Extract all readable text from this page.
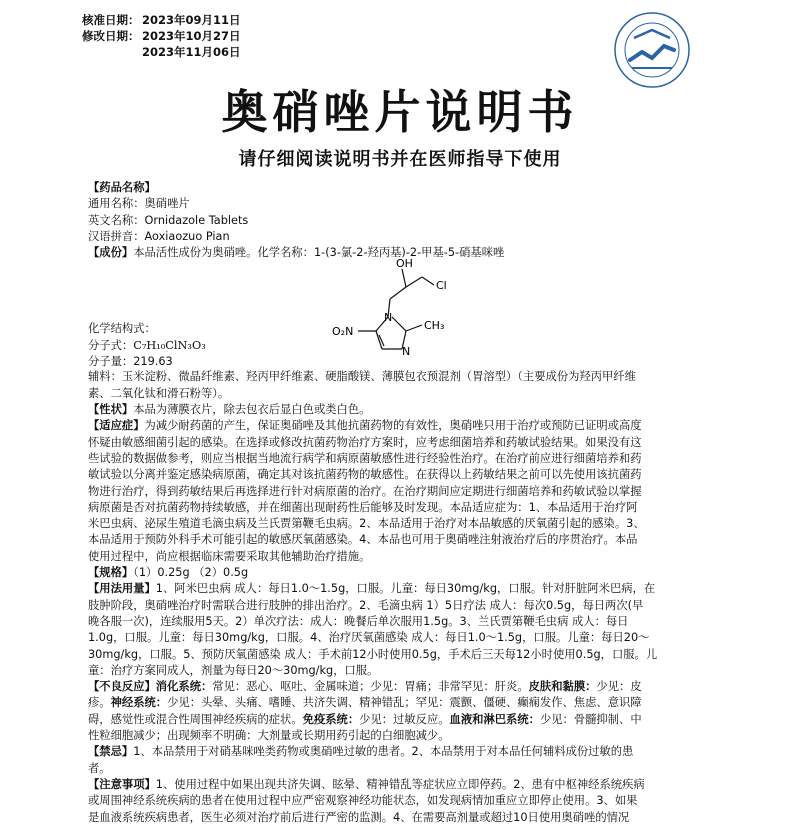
核准日期： 2023年09月11日
修改日期： 2023年10月27日
2023年11月06日
奥硝唑片说明书
请仔细阅读说明书并在医师指导下使用
【药品名称】
通用名称：奥硝唑片
英文名称：Ornidazole Tablets
汉语拼音：Aoxiaozuo Pian
【成份】本品活性成份为奥硝唑。化学名称：1-(3-氯-2-羟丙基)-2-甲基-5-硝基咪唑
OH
Cl
O₂N	CH₃
N
N
化学结构式：
分子式：C₇H₁₀ClN₃O₃
分子量：219.63
辅料：玉米淀粉、微晶纤维素、羟丙甲纤维素、硬脂酸镁、薄膜包衣预混剂（胃溶型）（主要成份为羟丙甲纤维
素、二氧化钛和滑石粉等）。
【性状】本品为薄膜衣片，除去包衣后显白色或类白色。
【适应症】为减少耐药菌的产生，保证奥硝唑及其他抗菌药物的有效性，奥硝唑只用于治疗或预防已证明或高度
怀疑由敏感细菌引起的感染。在选择或修改抗菌药物治疗方案时，应考虑细菌培养和药敏试验结果。如果没有这
些试验的数据做参考，则应当根据当地流行病学和病原菌敏感性进行经验性治疗。在治疗前应进行细菌培养和药
敏试验以分离并鉴定感染病原菌，确定其对该抗菌药物的敏感性。在获得以上药敏结果之前可以先使用该抗菌药
物进行治疗，得到药敏结果后再选择进行针对病原菌的治疗。在治疗期间应定期进行细菌培养和药敏试验以掌握
病原菌是否对抗菌药物持续敏感，并在细菌出现耐药性后能够及时发现。本品适应症为：1、本品适用于治疗阿
米巴虫病、泌尿生殖道毛滴虫病及兰氏贾第鞭毛虫病。2、本品适用于治疗对本品敏感的厌氧菌引起的感染。3、
本品适用于预防外科手术可能引起的敏感厌氧菌感染。4、本品也可用于奥硝唑注射液治疗后的序贯治疗。本品
使用过程中，尚应根据临床需要采取其他辅助治疗措施。
【规格】（1）0.25g （2）0.5g
【用法用量】1、阿米巴虫病 成人：每日1.0～1.5g，口服。儿童：每日30mg/kg，口服。针对肝脏阿米巴病，在
肢肿阶段，奥硝唑治疗时需联合进行肢肿的排出治疗。2、毛滴虫病 1）5日疗法 成人：每次0.5g，每日两次(早
晚各服一次)，连续服用5天。2）单次疗法：成人：晚餐后单次服用1.5g。3、兰氏贾第鞭毛虫病 成人：每日
1.0g，口服。儿童：每日30mg/kg，口服。4、治疗厌氧菌感染 成人：每日1.0～1.5g，口服。儿童：每日20～
30mg/kg，口服。5、预防厌氧菌感染 成人：手术前12小时使用0.5g，手术后三天每12小时使用0.5g，口服。儿
童：治疗方案同成人，剂量为每日20～30mg/kg，口服。
【不良反应】消化系统：常见：恶心、呕吐、金属味道；少见：胃痛；非常罕见：肝炎。皮肤和黏膜：少见：皮
疹。神经系统：少见：头晕、头痛、嗜睡、共济失调、精神错乱；罕见：震颤、僵硬、癫痫发作、焦虑、意识障
碍，感觉性或混合性周围神经疾病的症状。免疫系统：少见：过敏反应。血液和淋巴系统：少见：骨髓抑制、中
性粒细胞减少；出现频率不明确：大剂量或长期用药引起的白细胞减少。
【禁忌】1、本品禁用于对硝基咪唑类药物或奥硝唑过敏的患者。2、本品禁用于对本品任何辅料成份过敏的患
者。
【注意事项】1、使用过程中如果出现共济失调、眩晕、精神错乱等症状应立即停药。2、患有中枢神经系统疾病
或周围神经系统疾病的患者在使用过程中应严密观察神经功能状态，如发现病情加重应立即停止使用。3、如果
是血液系统疾病患者，医生必须对治疗前后进行严密的监测。4、在需要高剂量或超过10日使用奥硝唑的情况
